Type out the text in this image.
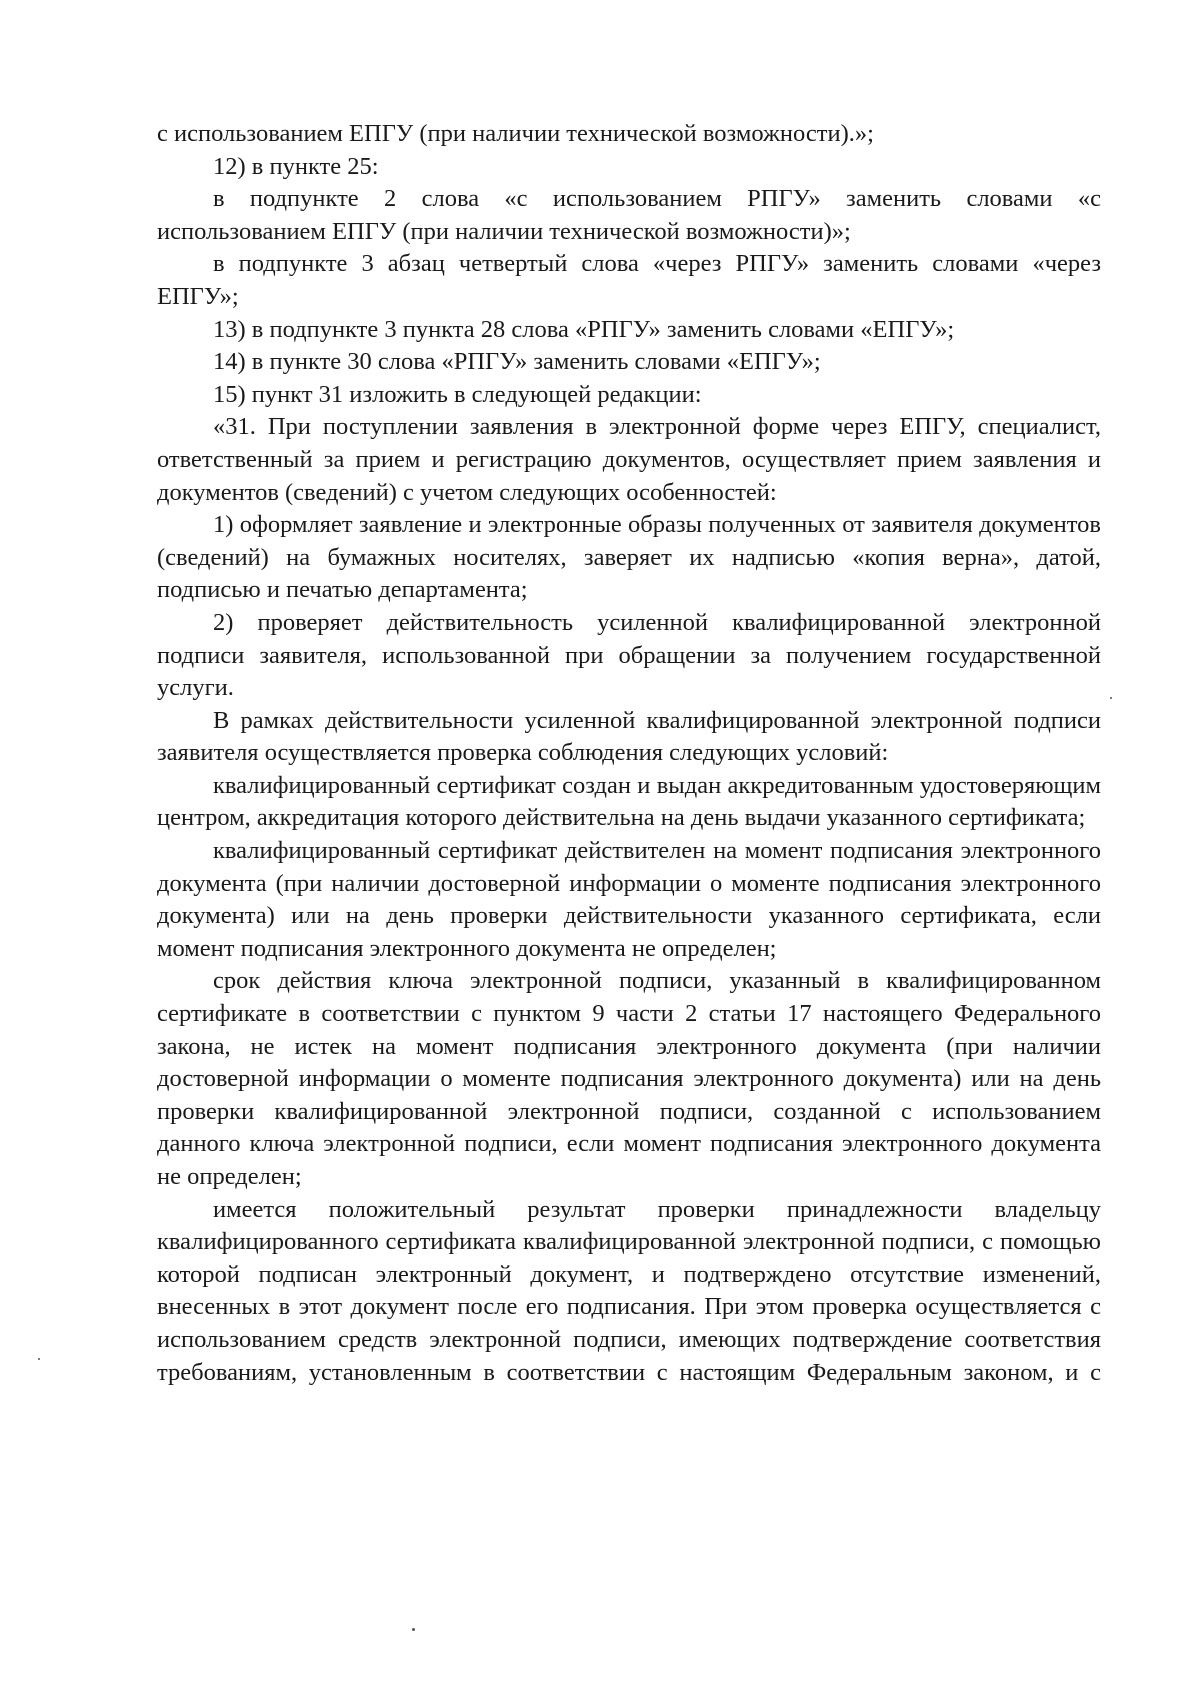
с использованием ЕПГУ (при наличии технической возможности).»;

12) в пункте 25:

в подпункте 2 слова «с использованием РПГУ» заменить словами «с использованием ЕПГУ (при наличии технической возможности)»;

в подпункте 3 абзац четвертый слова «через РПГУ» заменить словами «через ЕПГУ»;

13) в подпункте 3 пункта 28 слова «РПГУ» заменить словами «ЕПГУ»;

14) в пункте 30 слова «РПГУ» заменить словами «ЕПГУ»;

15) пункт 31 изложить в следующей редакции:

«31. При поступлении заявления в электронной форме через ЕПГУ, специалист, ответственный за прием и регистрацию документов, осуществляет прием заявления и документов (сведений) с учетом следующих особенностей:

1) оформляет заявление и электронные образы полученных от заявителя документов (сведений) на бумажных носителях, заверяет их надписью «копия верна», датой, подписью и печатью департамента;

2) проверяет действительность усиленной квалифицированной электронной подписи заявителя, использованной при обращении за получением государственной услуги.

В рамках действительности усиленной квалифицированной электронной подписи заявителя осуществляется проверка соблюдения следующих условий:

квалифицированный сертификат создан и выдан аккредитованным удостоверяющим центром, аккредитация которого действительна на день выдачи указанного сертификата;

квалифицированный сертификат действителен на момент подписания электронного документа (при наличии достоверной информации о моменте подписания электронного документа) или на день проверки действительности указанного сертификата, если момент подписания электронного документа не определен;

срок действия ключа электронной подписи, указанный в квалифицированном сертификате в соответствии с пунктом 9 части 2 статьи 17 настоящего Федерального закона, не истек на момент подписания электронного документа (при наличии достоверной информации о моменте подписания электронного документа) или на день проверки квалифицированной электронной подписи, созданной с использованием данного ключа электронной подписи, если момент подписания электронного документа не определен;

имеется положительный результат проверки принадлежности владельцу квалифицированного сертификата квалифицированной электронной подписи, с помощью которой подписан электронный документ, и подтверждено отсутствие изменений, внесенных в этот документ после его подписания. При этом проверка осуществляется с использованием средств электронной подписи, имеющих подтверждение соответствия требованиям, установленным в соответствии с настоящим Федеральным законом, и с
